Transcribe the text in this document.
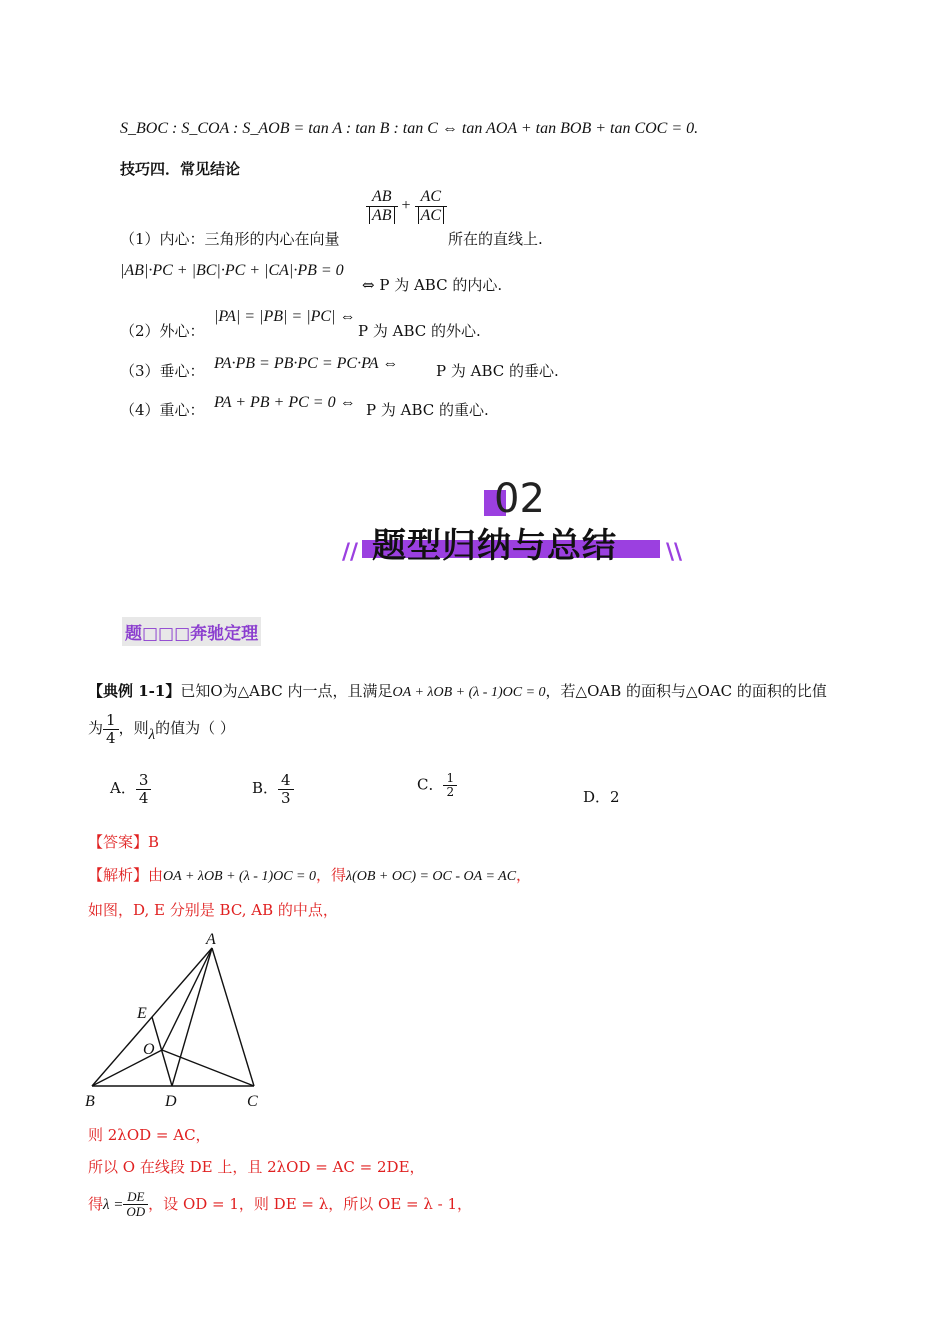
S_BOC : S_COA : S_AOB = tan A : tan B : tan C ⇔ tan AOA + tan BOB + tan COC = 0.
技巧四．常见结论
（1）内心：三角形的内心在向量
$\frac{AB}{AB} + \frac{AC}{AC}$
所在的直线上.
|AB|·PC + |BC|·PC + |CA|·PB = 0
⇔ P 为 ABC 的内心.
（2）外心：
|PA| = |PB| = |PC| ⇔
P 为 ABC 的外心.
（3）垂心： PA·PB = PB·PC = PC·PA ⇔	P 为 ABC 的垂心.
（4）重心： PA + PB + PC = 0 ⇔ P 为 ABC 的重心.
02
题型归纳与总结
//	\\
题□□□奔驰定理
【典例 1-1】已知O为△ABC 内一点，且满足OA + λOB + (λ - 1)OC = 0，若△OAB 的面积与△OAC 的面积的比值
为 $\frac{1}{4}$ ，则λ的值为（ ）
A． $\frac{3}{4}$	B． $\frac{4}{3}$	C． $\frac{1}{2}$	D．2
【答案】B
【解析】由OA + λOB + (λ - 1)OC = 0，得λ(OB + OC) = OC - OA = AC，
如图，D, E 分别是 BC, AB 的中点，
A
E
O
B	D	C
则 2λOD = AC，
所以 O 在线段 DE 上，且 2λOD = AC = 2DE，
得$\lambda = \frac{DE}{OD}$ ，设 OD = 1，则 DE = λ，所以 OE = λ - 1，
